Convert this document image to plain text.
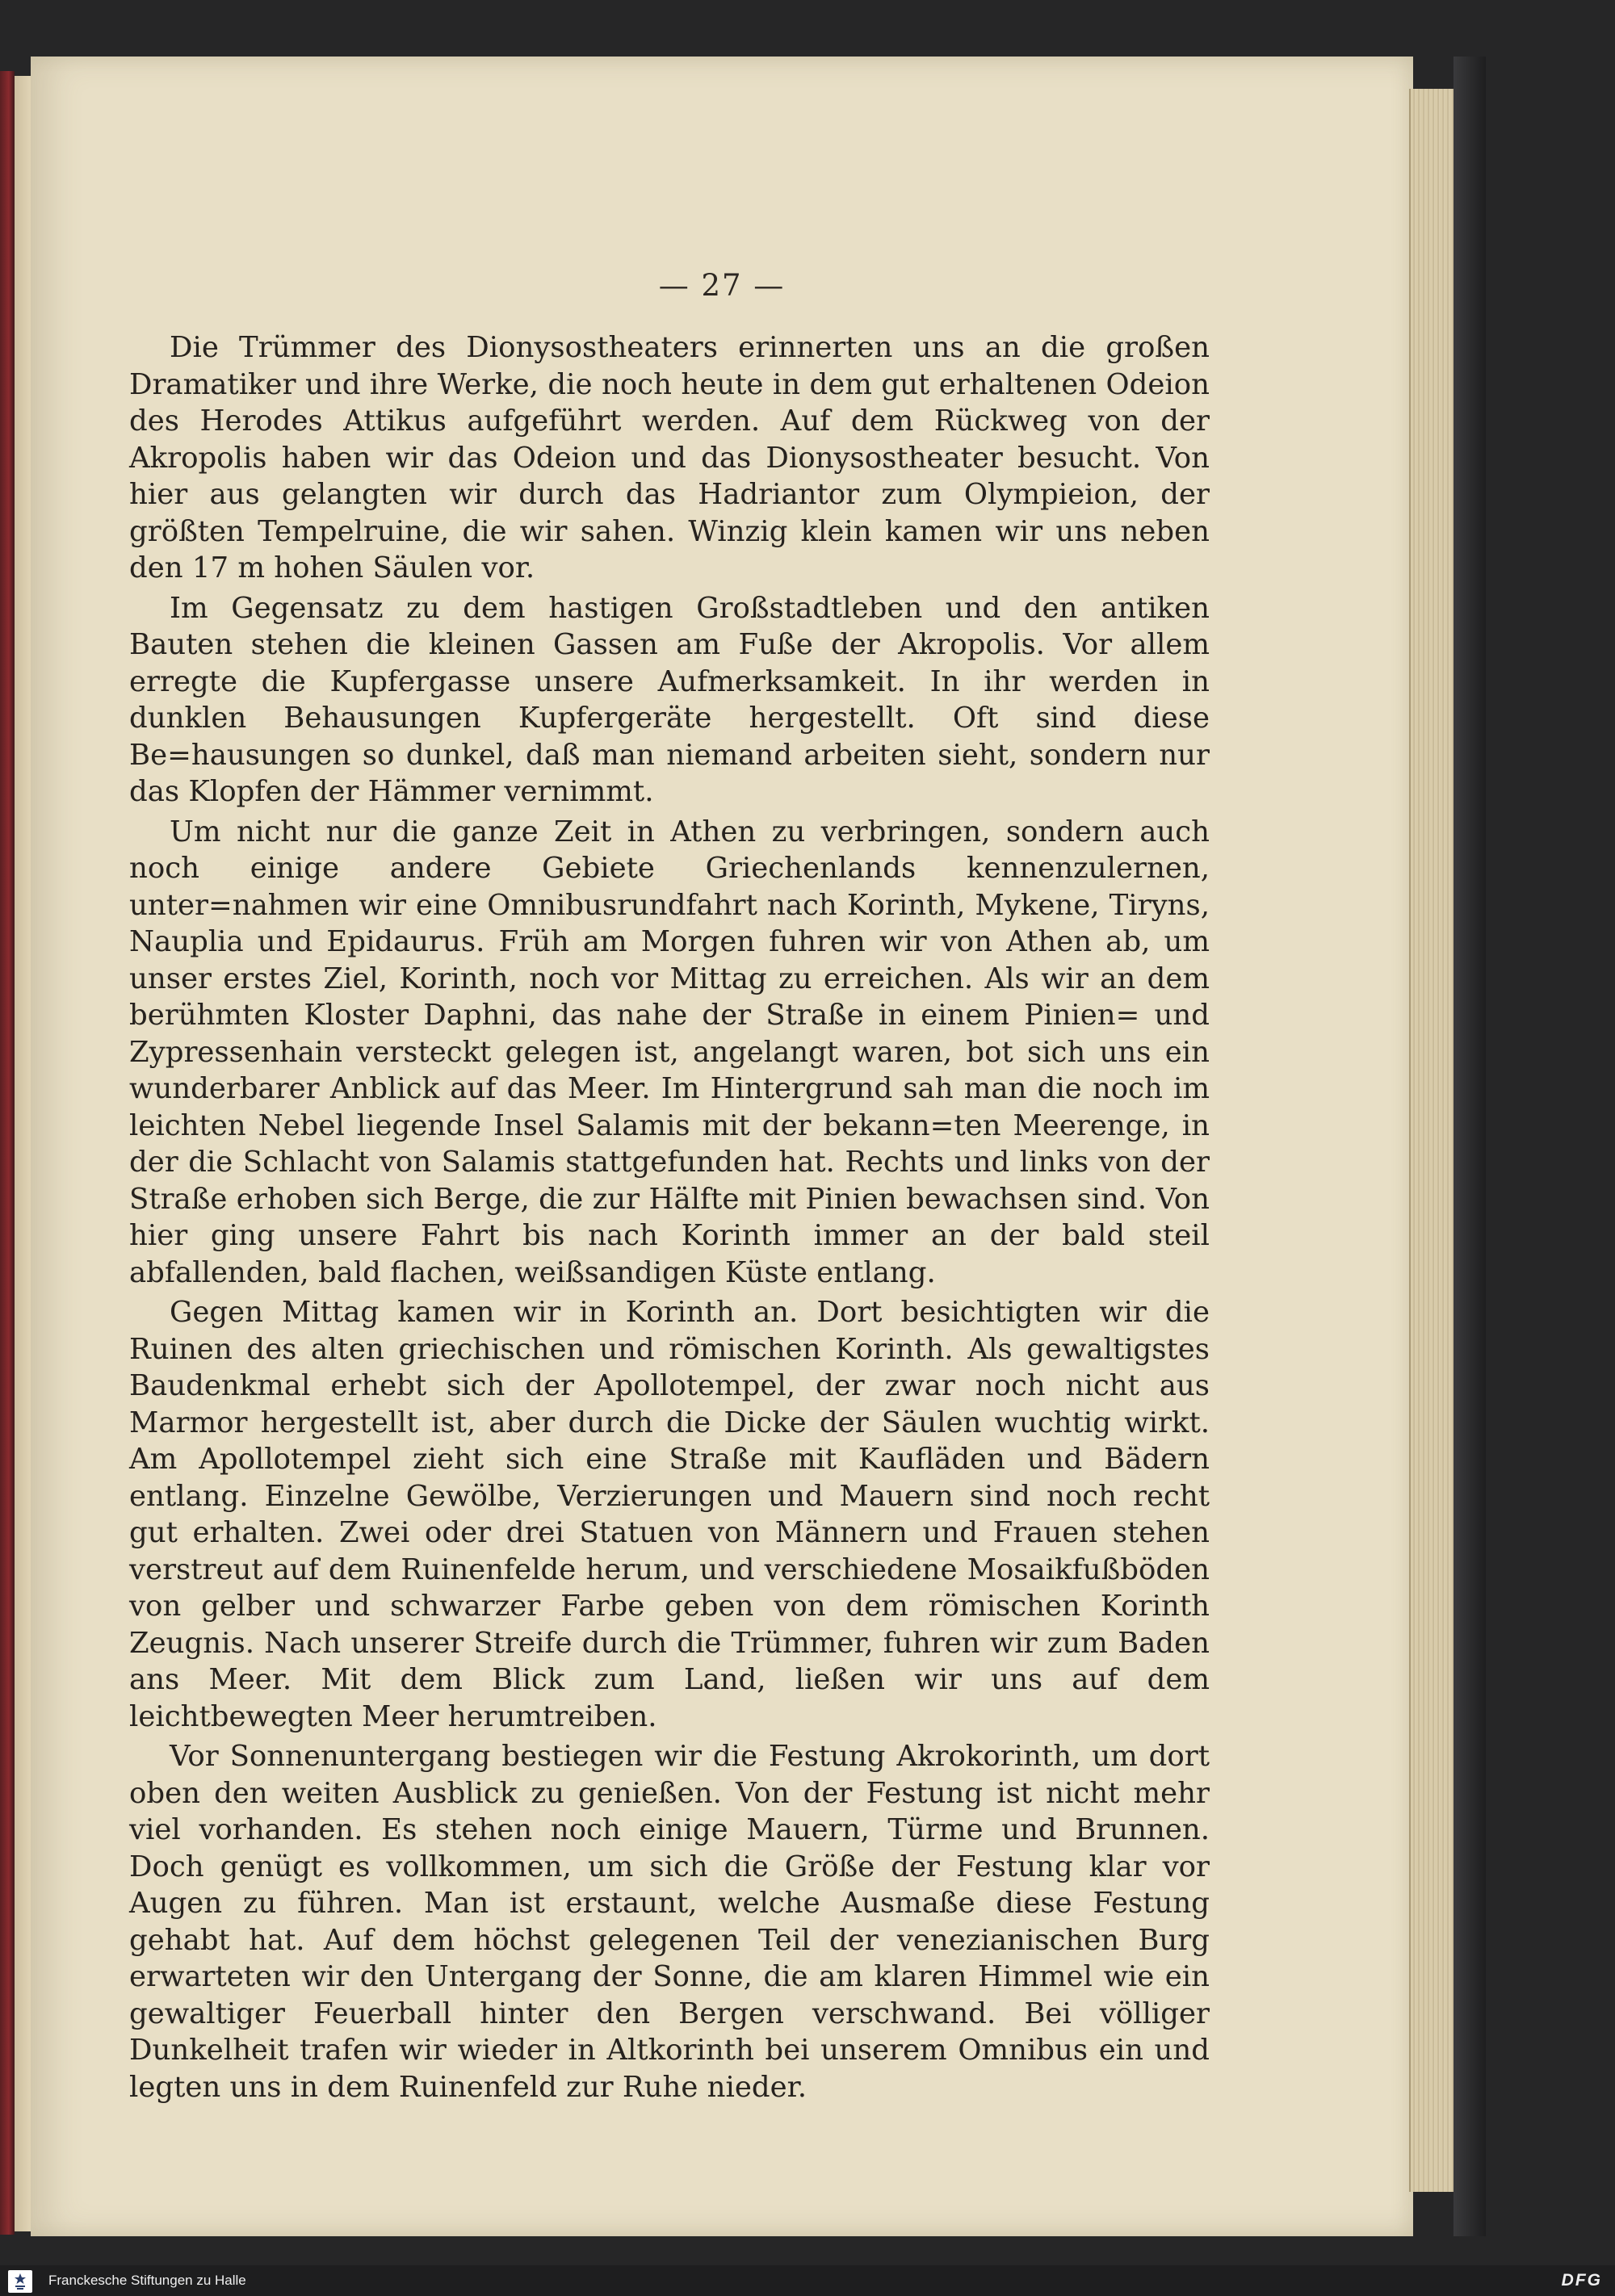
— 27 —

Die Trümmer des Dionysostheaters erinnerten uns an die großen Dramatiker und ihre Werke, die noch heute in dem gut erhaltenen Odeion des Herodes Attikus aufgeführt werden. Auf dem Rückweg von der Akropolis haben wir das Odeion und das Dionysostheater besucht. Von hier aus gelangten wir durch das Hadriantor zum Olympieion, der größten Tempelruine, die wir sahen. Winzig klein kamen wir uns neben den 17 m hohen Säulen vor.

Im Gegensatz zu dem hastigen Großstadtleben und den antiken Bauten stehen die kleinen Gassen am Fuße der Akropolis. Vor allem erregte die Kupfergasse unsere Aufmerksamkeit. In ihr werden in dunklen Behausungen Kupfergeräte hergestellt. Oft sind diese Be=hausungen so dunkel, daß man niemand arbeiten sieht, sondern nur das Klopfen der Hämmer vernimmt.

Um nicht nur die ganze Zeit in Athen zu verbringen, sondern auch noch einige andere Gebiete Griechenlands kennenzulernen, unter=nahmen wir eine Omnibusrundfahrt nach Korinth, Mykene, Tiryns, Nauplia und Epidaurus. Früh am Morgen fuhren wir von Athen ab, um unser erstes Ziel, Korinth, noch vor Mittag zu erreichen. Als wir an dem berühmten Kloster Daphni, das nahe der Straße in einem Pinien= und Zypressenhain versteckt gelegen ist, angelangt waren, bot sich uns ein wunderbarer Anblick auf das Meer. Im Hintergrund sah man die noch im leichten Nebel liegende Insel Salamis mit der bekann=ten Meerenge, in der die Schlacht von Salamis stattgefunden hat. Rechts und links von der Straße erhoben sich Berge, die zur Hälfte mit Pinien bewachsen sind. Von hier ging unsere Fahrt bis nach Korinth immer an der bald steil abfallenden, bald flachen, weißsandigen Küste entlang.

Gegen Mittag kamen wir in Korinth an. Dort besichtigten wir die Ruinen des alten griechischen und römischen Korinth. Als gewaltigstes Baudenkmal erhebt sich der Apollotempel, der zwar noch nicht aus Marmor hergestellt ist, aber durch die Dicke der Säulen wuchtig wirkt. Am Apollotempel zieht sich eine Straße mit Kaufläden und Bädern entlang. Einzelne Gewölbe, Verzierungen und Mauern sind noch recht gut erhalten. Zwei oder drei Statuen von Männern und Frauen stehen verstreut auf dem Ruinenfelde herum, und verschiedene Mosaikfußböden von gelber und schwarzer Farbe geben von dem römischen Korinth Zeugnis. Nach unserer Streife durch die Trümmer, fuhren wir zum Baden ans Meer. Mit dem Blick zum Land, ließen wir uns auf dem leichtbewegten Meer herumtreiben.

Vor Sonnenuntergang bestiegen wir die Festung Akrokorinth, um dort oben den weiten Ausblick zu genießen. Von der Festung ist nicht mehr viel vorhanden. Es stehen noch einige Mauern, Türme und Brunnen. Doch genügt es vollkommen, um sich die Größe der Festung klar vor Augen zu führen. Man ist erstaunt, welche Ausmaße diese Festung gehabt hat. Auf dem höchst gelegenen Teil der venezianischen Burg erwarteten wir den Untergang der Sonne, die am klaren Himmel wie ein gewaltiger Feuerball hinter den Bergen verschwand. Bei völliger Dunkelheit trafen wir wieder in Altkorinth bei unserem Omnibus ein und legten uns in dem Ruinenfeld zur Ruhe nieder.

Franckesche Stiftungen zu Halle	DFG
